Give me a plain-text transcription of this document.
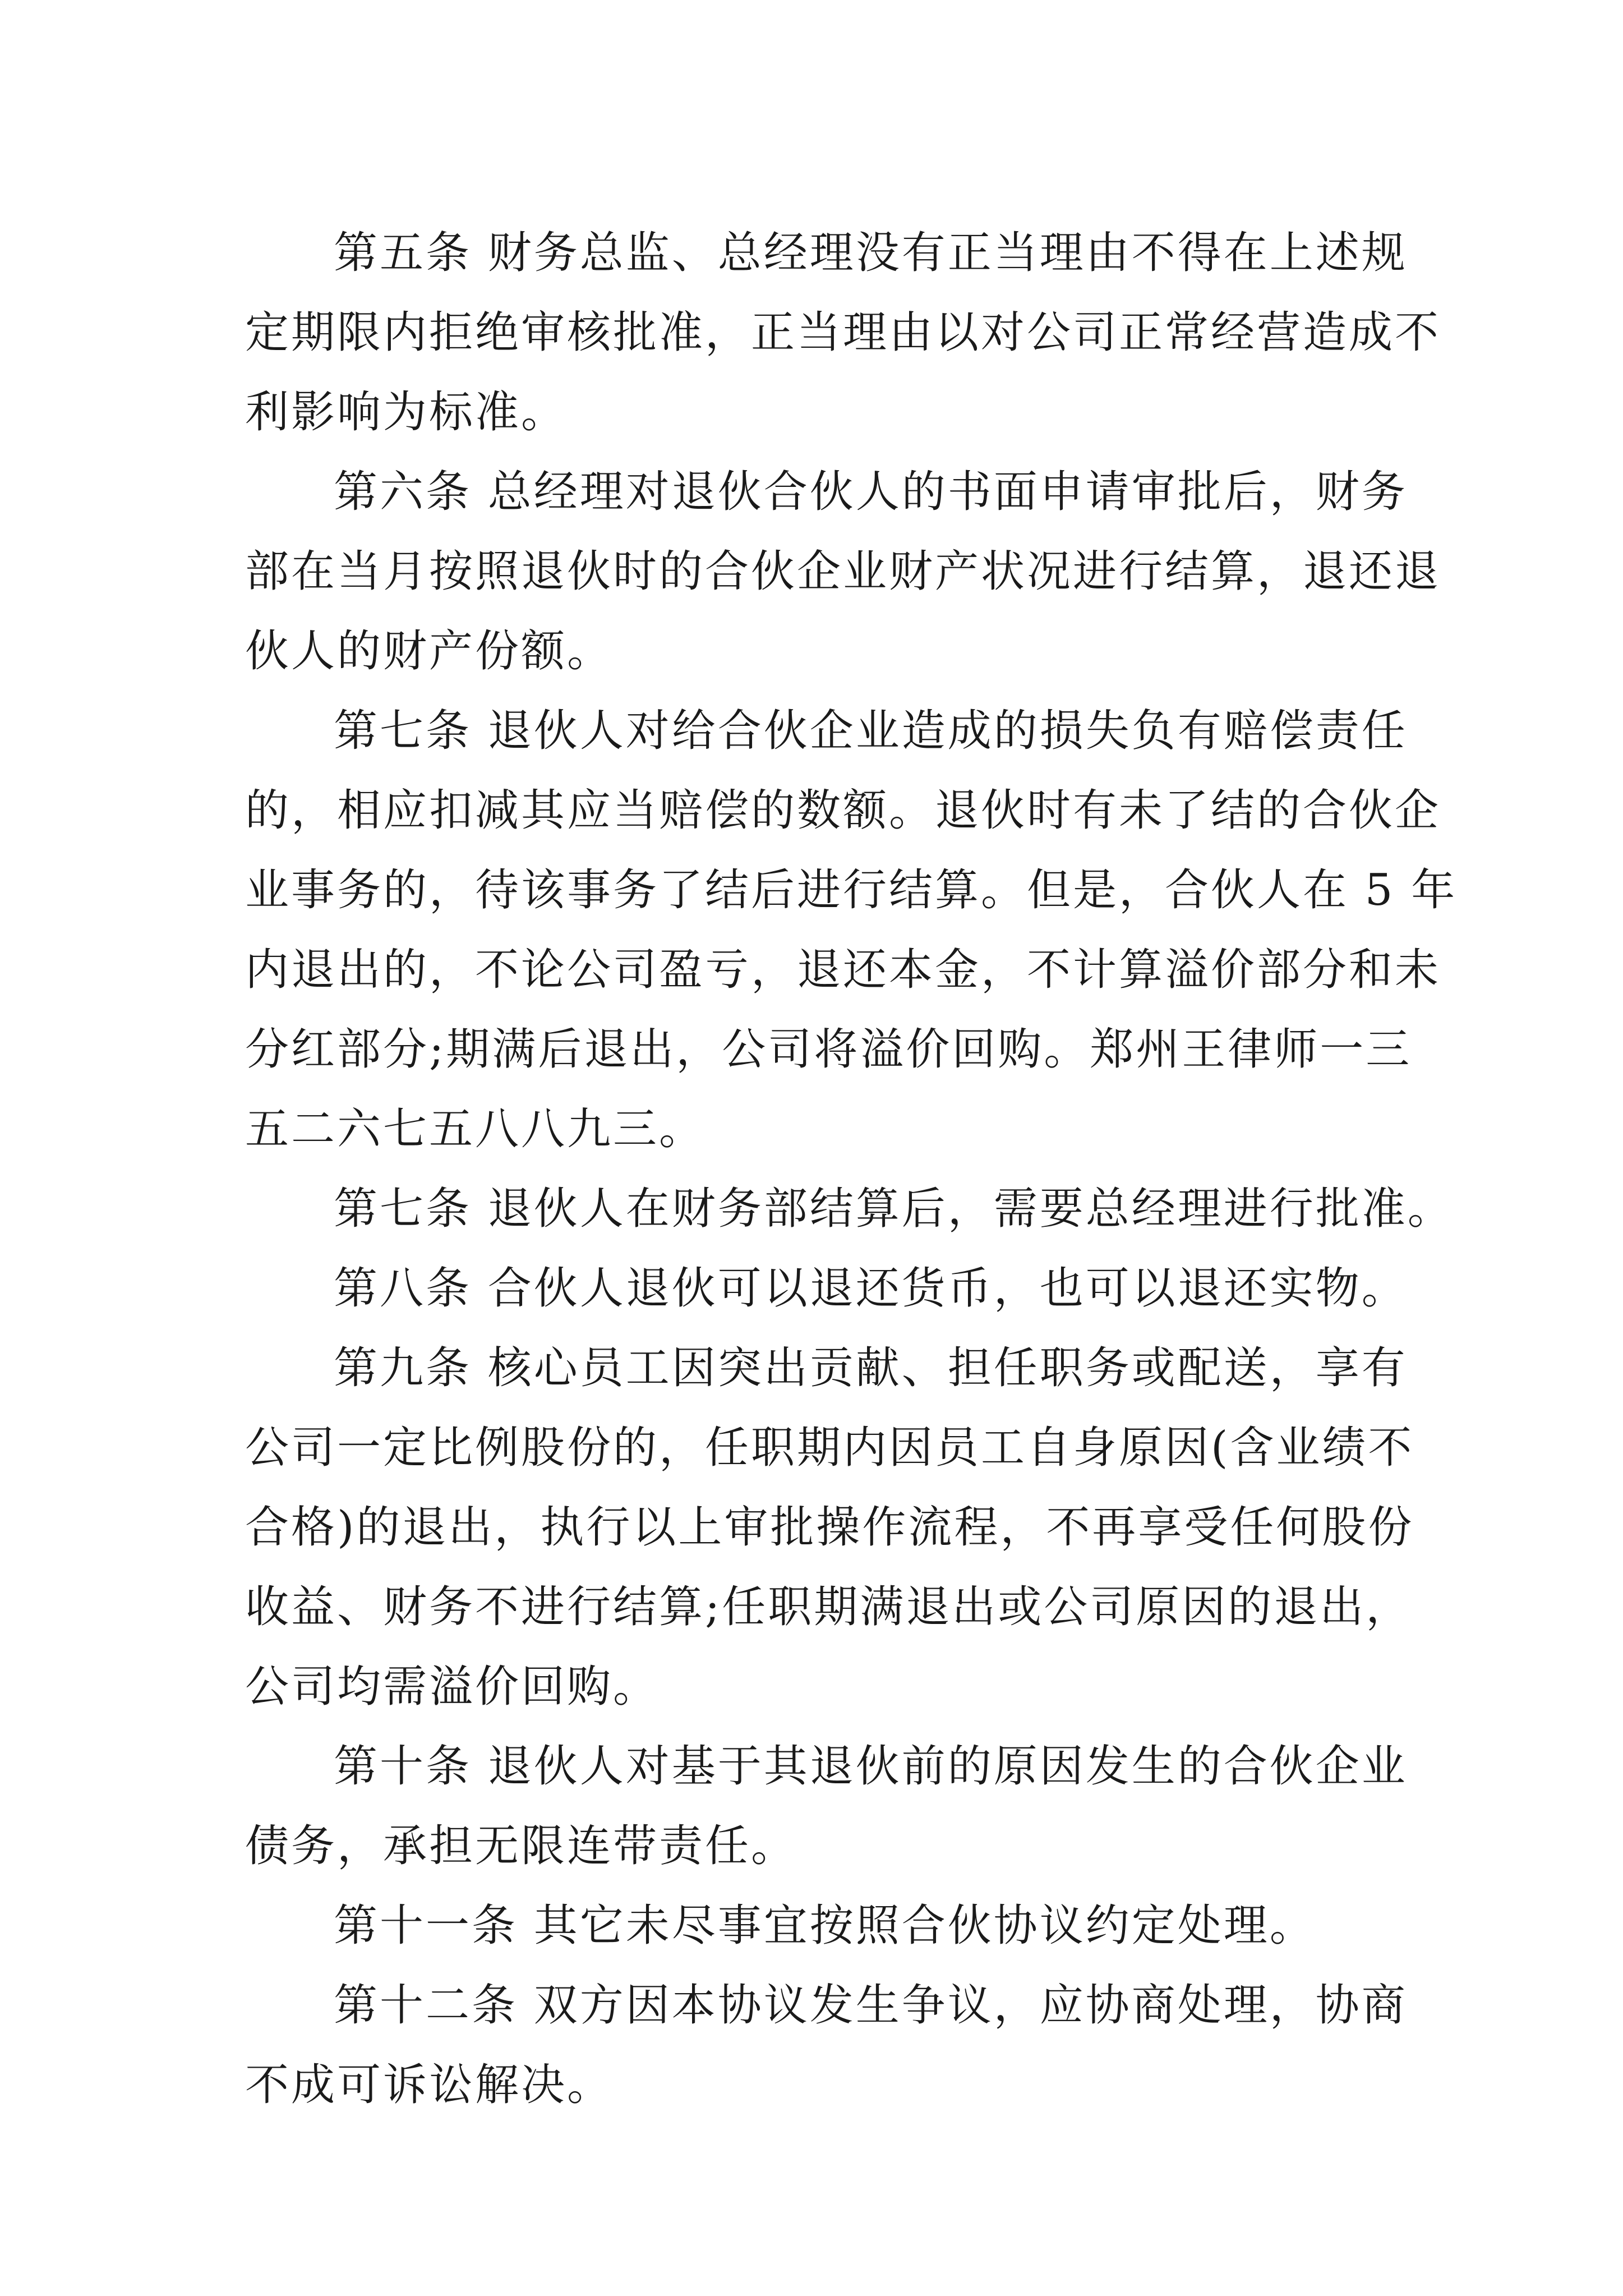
第五条 财务总监、总经理没有正当理由不得在上述规
定期限内拒绝审核批准，正当理由以对公司正常经营造成不
利影响为标准。
第六条 总经理对退伙合伙人的书面申请审批后，财务
部在当月按照退伙时的合伙企业财产状况进行结算，退还退
伙人的财产份额。
第七条 退伙人对给合伙企业造成的损失负有赔偿责任
的，相应扣减其应当赔偿的数额。退伙时有未了结的合伙企
业事务的，待该事务了结后进行结算。但是，合伙人在 5 年
内退出的，不论公司盈亏，退还本金，不计算溢价部分和未
分红部分;期满后退出，公司将溢价回购。郑州王律师一三
五二六七五八八九三。
第七条 退伙人在财务部结算后，需要总经理进行批准。
第八条 合伙人退伙可以退还货币，也可以退还实物。
第九条 核心员工因突出贡献、担任职务或配送，享有
公司一定比例股份的，任职期内因员工自身原因(含业绩不
合格)的退出，执行以上审批操作流程，不再享受任何股份
收益、财务不进行结算;任职期满退出或公司原因的退出，
公司均需溢价回购。
第十条 退伙人对基于其退伙前的原因发生的合伙企业
债务，承担无限连带责任。
第十一条 其它未尽事宜按照合伙协议约定处理。
第十二条 双方因本协议发生争议，应协商处理，协商
不成可诉讼解决。
